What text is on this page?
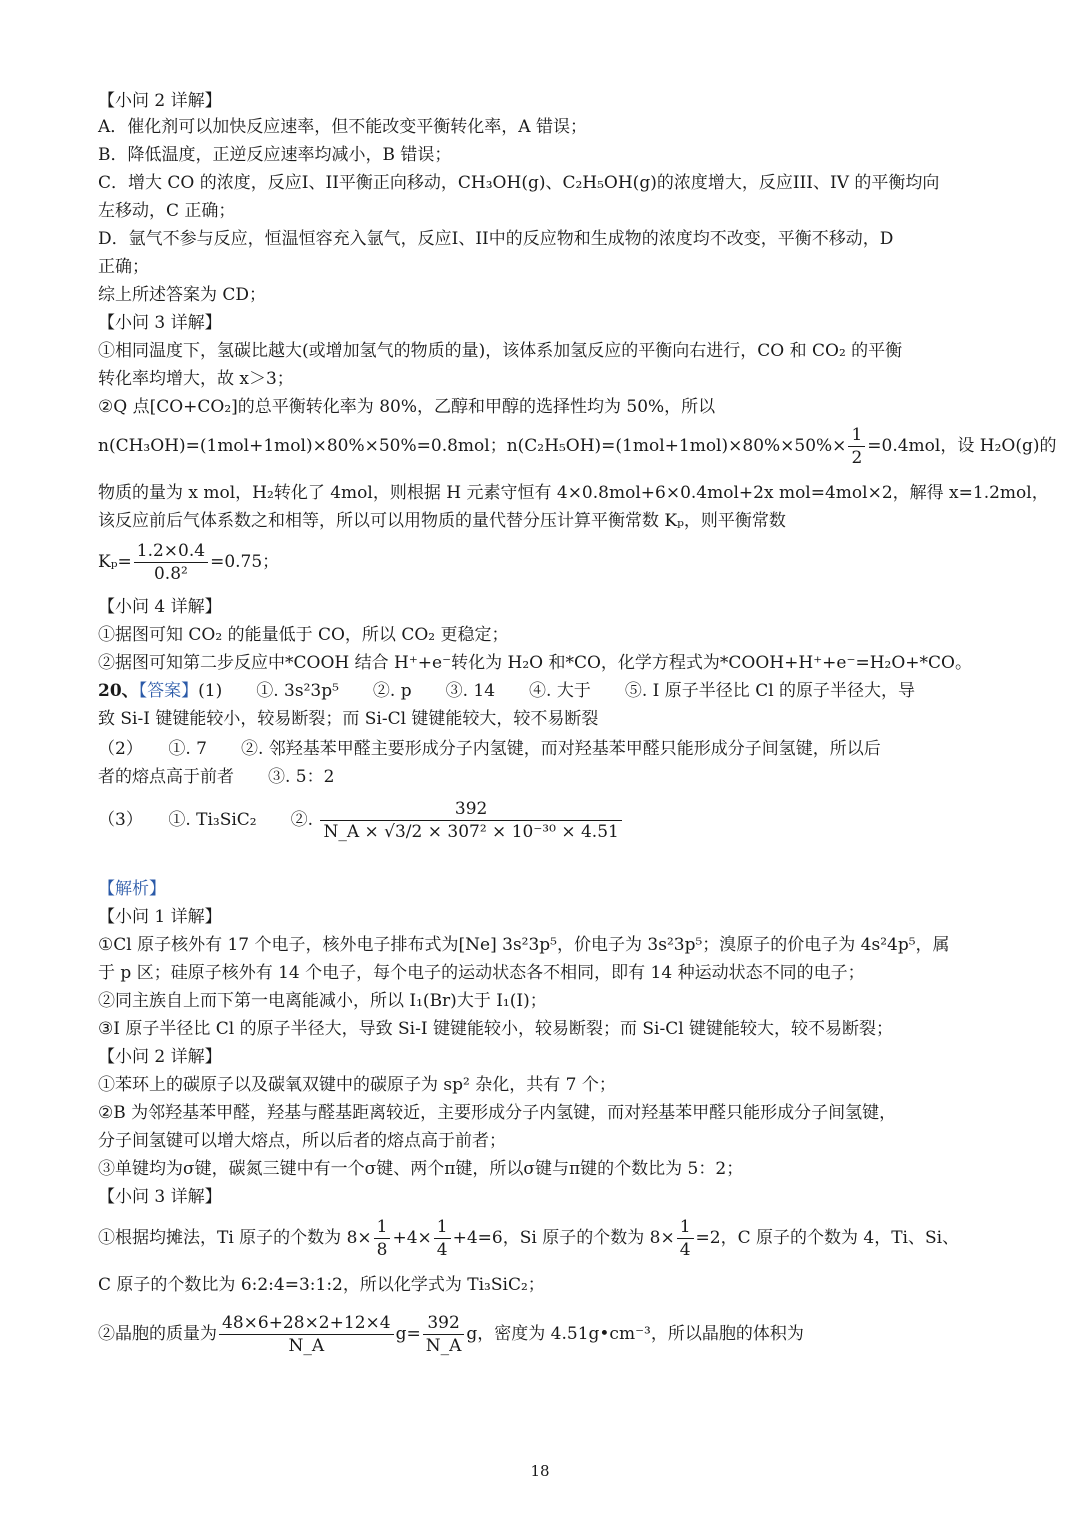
【小问 2 详解】
A．催化剂可以加快反应速率，但不能改变平衡转化率，A 错误；
B．降低温度，正逆反应速率均减小，B 错误；
C．增大 CO 的浓度，反应I、II平衡正向移动，CH₃OH(g)、C₂H₅OH(g)的浓度增大，反应III、IV 的平衡均向
左移动，C 正确；
D．氩气不参与反应，恒温恒容充入氩气，反应I、II中的反应物和生成物的浓度均不改变，平衡不移动，D
正确；
综上所述答案为 CD；
【小问 3 详解】
①相同温度下，氢碳比越大(或增加氢气的物质的量)，该体系加氢反应的平衡向右进行，CO 和 CO₂ 的平衡
转化率均增大，故 x＞3；
②Q 点[CO+CO₂]的总平衡转化率为 80%，乙醇和甲醇的选择性均为 50%，所以
n(CH₃OH)=(1mol+1mol)×80%×50%=0.8mol；$n(C_2H_5OH)=(1mol+1mol)\times 80\%\times 50\%\times \frac{1}{2} =0.4mol$，设 H₂O(g)的
物质的量为 x mol，H₂转化了 4mol，则根据 H 元素守恒有 4×0.8mol+6×0.4mol+2x mol=4mol×2，解得 x=1.2mol，
该反应前后气体系数之和相等，所以可以用物质的量代替分压计算平衡常数 Kₚ，则平衡常数
$K_p= \frac{1.2\times 0.4}{\text{0.8²}} =0.75$；
【小问 4 详解】
①据图可知 CO₂ 的能量低于 CO，所以 CO₂ 更稳定；
②据图可知第二步反应中*COOH 结合 H⁺+e⁻转化为 H₂O 和*CO，化学方程式为*COOH+H⁺+e⁻=H₂O+*CO。
20、【答案】(1)　　①. 3s²3p⁵　　②. p　　③. 14　　④. 大于　　⑤. I 原子半径比 Cl 的原子半径大，导
致 Si-I 键键能较小，较易断裂；而 Si-Cl 键键能较大，较不易断裂
（2）　　①. 7　　②. 邻羟基苯甲醛主要形成分子内氢键，而对羟基苯甲醛只能形成分子间氢键，所以后
者的熔点高于前者　　③. 5：2
（3）　　①. Ti₃SiC₂　　②. $\frac{392}{\text{N\_A × √3/2 × 307² × 10⁻³⁰ × 4.51}}$
【解析】
【小问 1 详解】
①Cl 原子核外有 17 个电子，核外电子排布式为[Ne] 3s²3p⁵，价电子为 3s²3p⁵；溴原子的价电子为 4s²4p⁵，属
于 p 区；硅原子核外有 14 个电子，每个电子的运动状态各不相同，即有 14 种运动状态不同的电子；
②同主族自上而下第一电离能减小，所以 I₁(Br)大于 I₁(I)；
③I 原子半径比 Cl 的原子半径大，导致 Si-I 键键能较小，较易断裂；而 Si-Cl 键键能较大，较不易断裂；
【小问 2 详解】
①苯环上的碳原子以及碳氧双键中的碳原子为 sp² 杂化，共有 7 个；
②B 为邻羟基苯甲醛，羟基与醛基距离较近，主要形成分子内氢键，而对羟基苯甲醛只能形成分子间氢键，
分子间氢键可以增大熔点，所以后者的熔点高于前者；
③单键均为σ键，碳氮三键中有一个σ键、两个π键，所以σ键与π键的个数比为 5：2；
【小问 3 详解】
①根据均摊法，Ti 原子的个数为 $8\times \frac{1}{8} +4\times \frac{1}{4} +4=6$，Si 原子的个数为 $8\times \frac{1}{4} =2$，C 原子的个数为 4，Ti、Si、
C 原子的个数比为 6:2:4=3:1:2，所以化学式为 Ti₃SiC₂；
②晶胞的质量为 $\frac{48\times 6+28\times 2+12\times 4}{N\_A} g= \frac{392}{N\_A}$ g，密度为 4.51g•cm⁻³，所以晶胞的体积为
18
